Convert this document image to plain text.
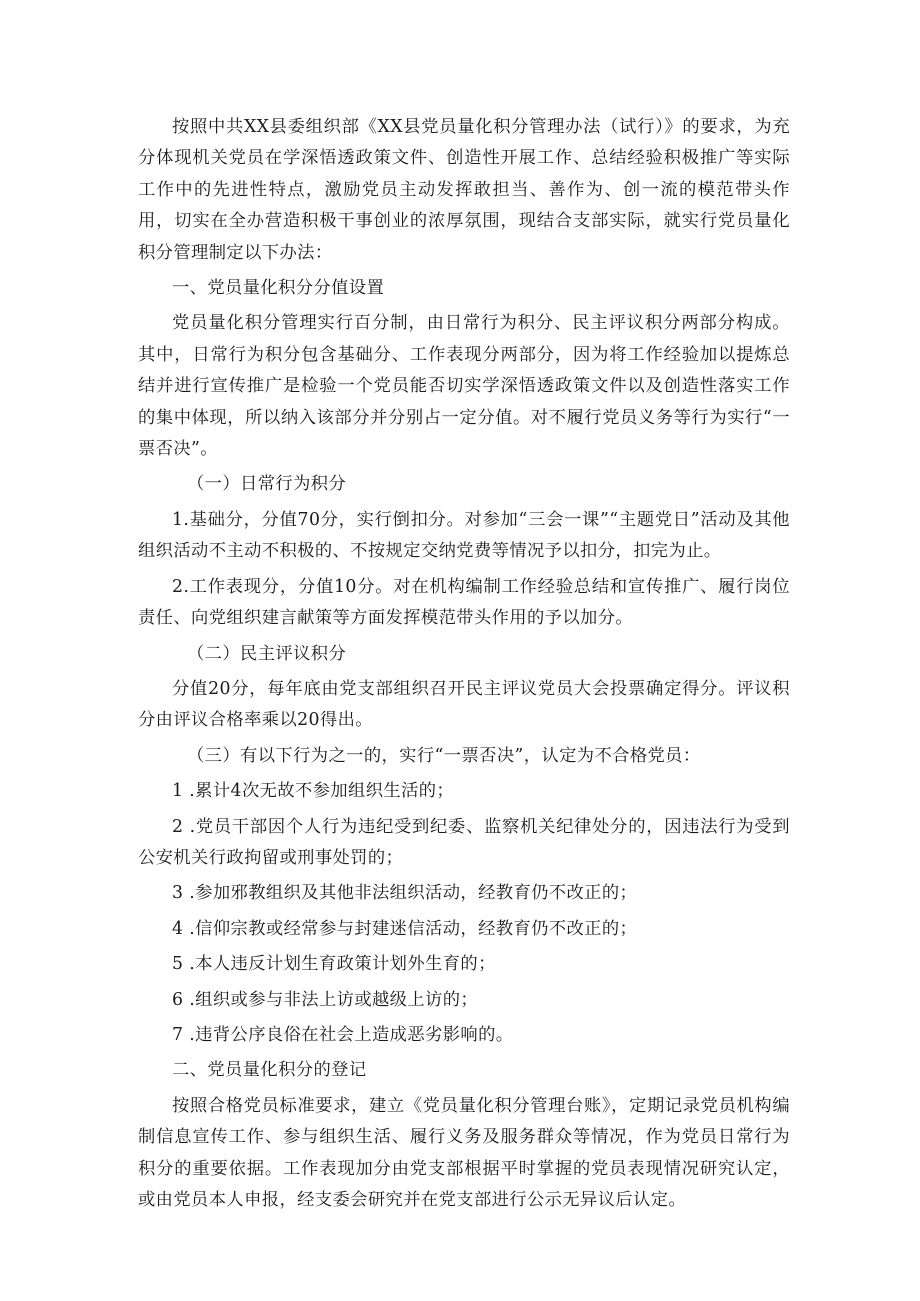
按照中共XX县委组织部《XX县党员量化积分管理办法（试行）》的要求，为充分体现机关党员在学深悟透政策文件、创造性开展工作、总结经验积极推广等实际工作中的先进性特点，激励党员主动发挥敢担当、善作为、创一流的模范带头作用，切实在全办营造积极干事创业的浓厚氛围，现结合支部实际，就实行党员量化积分管理制定以下办法：

一、党员量化积分分值设置

党员量化积分管理实行百分制，由日常行为积分、民主评议积分两部分构成。其中，日常行为积分包含基础分、工作表现分两部分，因为将工作经验加以提炼总结并进行宣传推广是检验一个党员能否切实学深悟透政策文件以及创造性落实工作的集中体现，所以纳入该部分并分别占一定分值。对不履行党员义务等行为实行“一票否决”。

（一）日常行为积分

1.基础分，分值70分，实行倒扣分。对参加“三会一课”“主题党日”活动及其他组织活动不主动不积极的、不按规定交纳党费等情况予以扣分，扣完为止。

2.工作表现分，分值10分。对在机构编制工作经验总结和宣传推广、履行岗位责任、向党组织建言献策等方面发挥模范带头作用的予以加分。

（二）民主评议积分

分值20分，每年底由党支部组织召开民主评议党员大会投票确定得分。评议积分由评议合格率乘以20得出。

（三）有以下行为之一的，实行“一票否决”，认定为不合格党员：

1 .累计4次无故不参加组织生活的；

2 .党员干部因个人行为违纪受到纪委、监察机关纪律处分的，因违法行为受到公安机关行政拘留或刑事处罚的；

3 .参加邪教组织及其他非法组织活动，经教育仍不改正的；

4 .信仰宗教或经常参与封建迷信活动，经教育仍不改正的；

5 .本人违反计划生育政策计划外生育的；

6 .组织或参与非法上访或越级上访的；

7 .违背公序良俗在社会上造成恶劣影响的。

二、党员量化积分的登记

按照合格党员标准要求，建立《党员量化积分管理台账》，定期记录党员机构编制信息宣传工作、参与组织生活、履行义务及服务群众等情况，作为党员日常行为积分的重要依据。工作表现加分由党支部根据平时掌握的党员表现情况研究认定，或由党员本人申报，经支委会研究并在党支部进行公示无异议后认定。
